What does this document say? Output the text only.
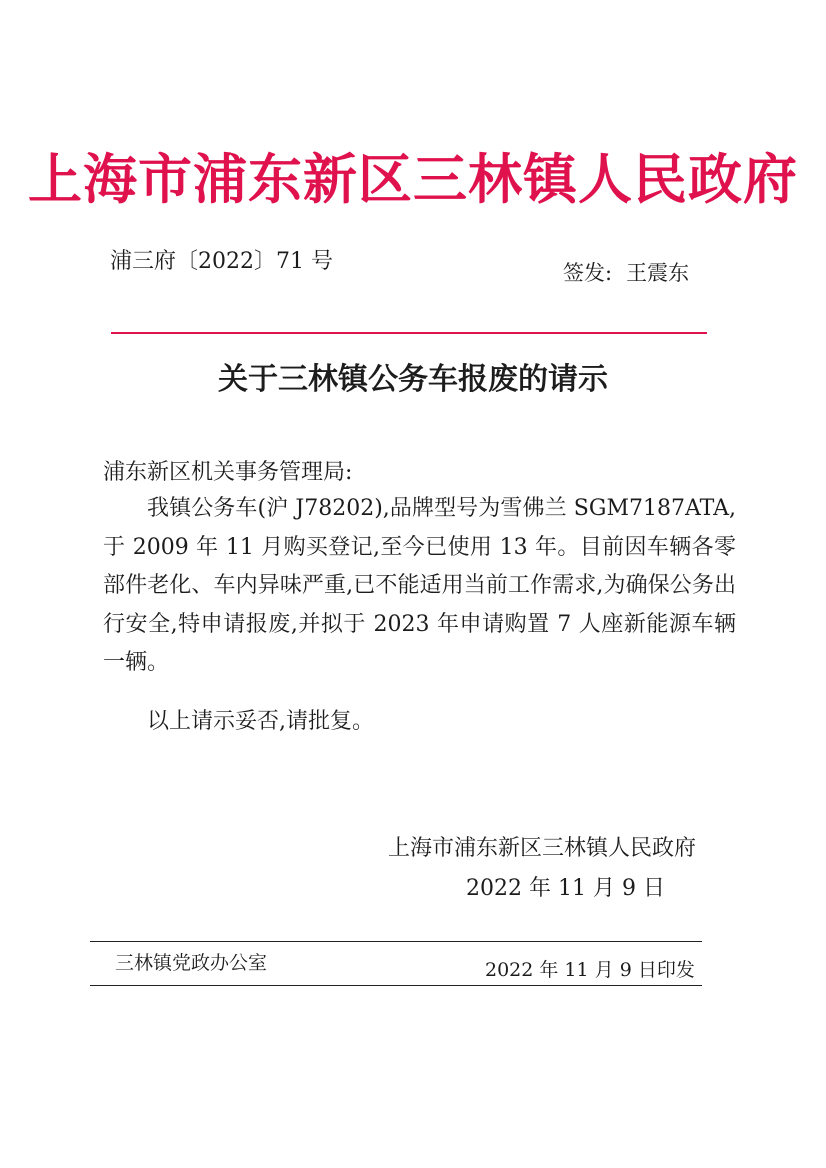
上海市浦东新区三林镇人民政府
浦三府〔2022〕71 号	签发: 王震东
关于三林镇公务车报废的请示
浦东新区机关事务管理局:

我镇公务车(沪 J78202),品牌型号为雪佛兰 SGM7187ATA,于 2009 年 11 月购买登记,至今已使用 13 年。目前因车辆各零部件老化、车内异味严重,已不能适用当前工作需求,为确保公务出行安全,特申请报废,并拟于 2023 年申请购置 7 人座新能源车辆一辆。

以上请示妥否,请批复。
上海市浦东新区三林镇人民政府
2022 年 11 月 9 日
三林镇党政办公室	2022 年 11 月 9 日印发
